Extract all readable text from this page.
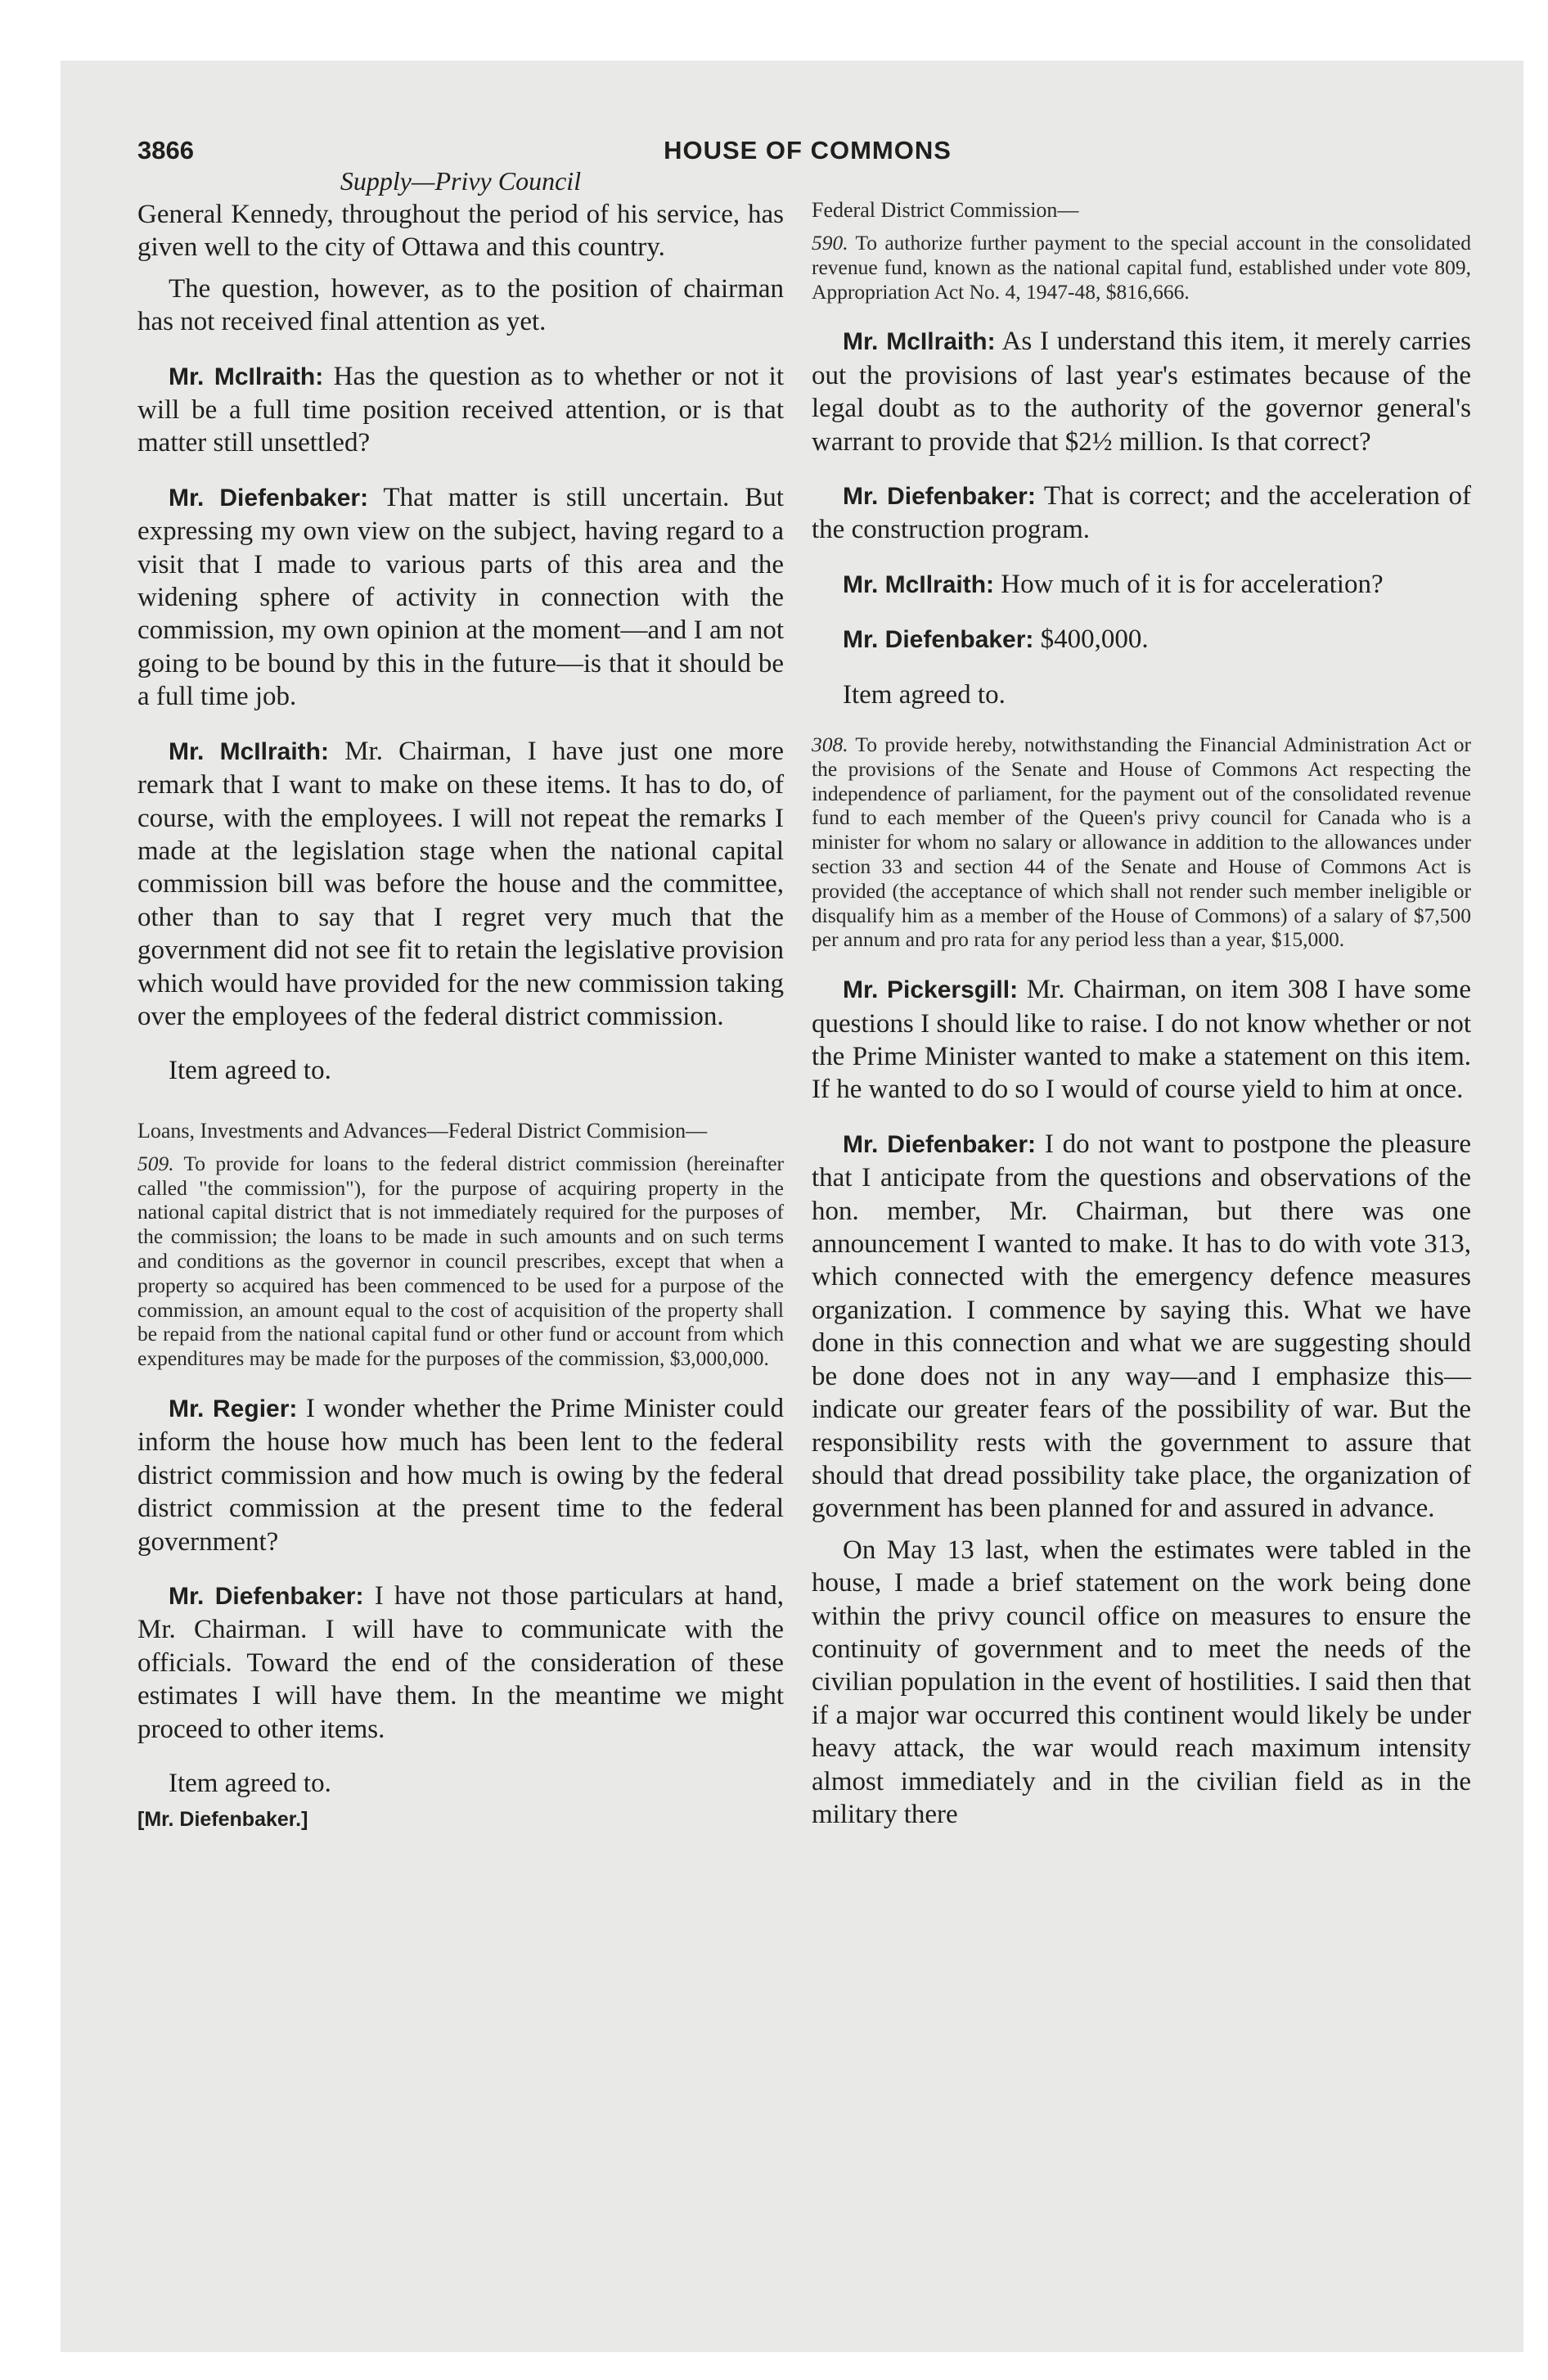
3866	HOUSE OF COMMONS
Supply—Privy Council

General Kennedy, throughout the period of his service, has given well to the city of Ottawa and this country.

The question, however, as to the position of chairman has not received final attention as yet.

Mr. McIlraith: Has the question as to whether or not it will be a full time position received attention, or is that matter still unsettled?

Mr. Diefenbaker: That matter is still uncertain. But expressing my own view on the subject, having regard to a visit that I made to various parts of this area and the widening sphere of activity in connection with the commission, my own opinion at the moment—and I am not going to be bound by this in the future—is that it should be a full time job.

Mr. McIlraith: Mr. Chairman, I have just one more remark that I want to make on these items. It has to do, of course, with the employees. I will not repeat the remarks I made at the legislation stage when the national capital commission bill was before the house and the committee, other than to say that I regret very much that the government did not see fit to retain the legislative provision which would have provided for the new commission taking over the employees of the federal district commission.

Item agreed to.

Loans, Investments and Advances—Federal District Commision—

509. To provide for loans to the federal district commission (hereinafter called "the commission"), for the purpose of acquiring property in the national capital district that is not immediately required for the purposes of the commission; the loans to be made in such amounts and on such terms and conditions as the governor in council prescribes, except that when a property so acquired has been commenced to be used for a purpose of the commission, an amount equal to the cost of acquisition of the property shall be repaid from the national capital fund or other fund or account from which expenditures may be made for the purposes of the commission, $3,000,000.

Mr. Regier: I wonder whether the Prime Minister could inform the house how much has been lent to the federal district commission and how much is owing by the federal district commission at the present time to the federal government?

Mr. Diefenbaker: I have not those particulars at hand, Mr. Chairman. I will have to communicate with the officials. Toward the end of the consideration of these estimates I will have them. In the meantime we might proceed to other items.

Item agreed to.

[Mr. Diefenbaker.]

Federal District Commission—

590. To authorize further payment to the special account in the consolidated revenue fund, known as the national capital fund, established under vote 809, Appropriation Act No. 4, 1947-48, $816,666.

Mr. McIlraith: As I understand this item, it merely carries out the provisions of last year's estimates because of the legal doubt as to the authority of the governor general's warrant to provide that $2½ million. Is that correct?

Mr. Diefenbaker: That is correct; and the acceleration of the construction program.

Mr. McIlraith: How much of it is for acceleration?

Mr. Diefenbaker: $400,000.

Item agreed to.

308. To provide hereby, notwithstanding the Financial Administration Act or the provisions of the Senate and House of Commons Act respecting the independence of parliament, for the payment out of the consolidated revenue fund to each member of the Queen's privy council for Canada who is a minister for whom no salary or allowance in addition to the allowances under section 33 and section 44 of the Senate and House of Commons Act is provided (the acceptance of which shall not render such member ineligible or disqualify him as a member of the House of Commons) of a salary of $7,500 per annum and pro rata for any period less than a year, $15,000.

Mr. Pickersgill: Mr. Chairman, on item 308 I have some questions I should like to raise. I do not know whether or not the Prime Minister wanted to make a statement on this item. If he wanted to do so I would of course yield to him at once.

Mr. Diefenbaker: I do not want to postpone the pleasure that I anticipate from the questions and observations of the hon. member, Mr. Chairman, but there was one announcement I wanted to make. It has to do with vote 313, which connected with the emergency defence measures organization. I commence by saying this. What we have done in this connection and what we are suggesting should be done does not in any way—and I emphasize this—indicate our greater fears of the possibility of war. But the responsibility rests with the government to assure that should that dread possibility take place, the organization of government has been planned for and assured in advance.

On May 13 last, when the estimates were tabled in the house, I made a brief statement on the work being done within the privy council office on measures to ensure the continuity of government and to meet the needs of the civilian population in the event of hostilities. I said then that if a major war occurred this continent would likely be under heavy attack, the war would reach maximum intensity almost immediately and in the civilian field as in the military there
